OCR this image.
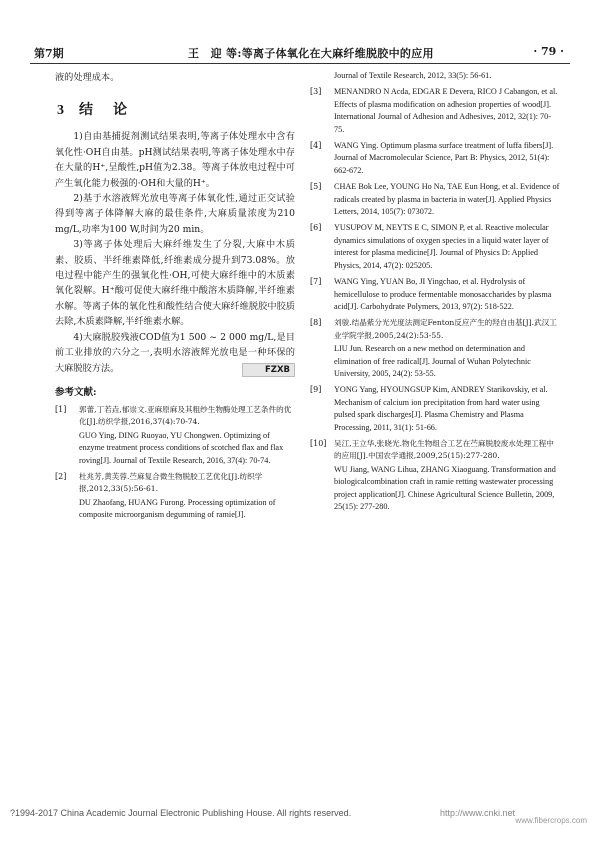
第7期	王　迎 等:等离子体氧化在大麻纤维脱胶中的应用	· 79 ·

液的处理成本。

3 结　论

1)自由基捕捉剂测试结果表明,等离子体处理水中含有氧化性·OH自由基。pH测试结果表明,等离子体处理水中存在大量的H⁺,呈酸性,pH值为2.38。等离子体放电过程中可产生氧化能力极强的·OH和大量的H⁺。

2)基于水溶液辉光放电等离子体氧化性,通过正交试验得到等离子体降解大麻的最佳条件,大麻质量浓度为210 mg/L,功率为100 W,时间为20 min。

3)等离子体处理后大麻纤维发生了分裂,大麻中木质素、胶质、半纤维素降低,纤维素成分提升到73.08%。放电过程中能产生的强氧化性·OH,可使大麻纤维中的木质素氧化裂解。H⁺酸可促使大麻纤维中酸溶木质降解,半纤维素水解。等离子体的氧化性和酸性结合使大麻纤维脱胶中胶质去除,木质素降解,半纤维素水解。

4)大麻脱胶残液COD值为1 500 ~ 2 000 mg/L,是目前工业排放的六分之一,表明水溶液辉光放电是一种环保的大麻脱胶方法。	FZXB

参考文献:
[1] 郭蕾,丁若垚,郁崇文.亚麻原麻及其粗纱生物酶处理工艺条件的优化[J].纺织学报,2016,37(4):70-74.
GUO Ying, DING Ruoyao, YU Chongwen. Optimizing of enzyme treatment process conditions of scotched flax and flax roving[J]. Journal of Textile Research, 2016, 37(4): 70-74.
[2] 杜兆芳,黄芙蓉.苎麻复合微生物脱胶工艺优化[J].纺织学报,2012,33(5):56-61.
DU Zhaofang, HUANG Furong. Processing optimization of composite microorganism degumming of ramie[J].
Journal of Textile Research, 2012, 33(5): 56-61.
[3] MENANDRO N Acda, EDGAR E Devera, RICO J Cabangon, et al. Effects of plasma modification on adhesion properties of wood[J]. International Journal of Adhesion and Adhesives, 2012, 32(1): 70-75.
[4] WANG Ying. Optimum plasma surface treatment of luffa fibers[J]. Journal of Macromolecular Science, Part B: Physics, 2012, 51(4): 662-672.
[5] CHAE Bok Lee, YOUNG Ho Na, TAE Eun Hong, et al. Evidence of radicals created by plasma in bacteria in water[J]. Applied Physics Letters, 2014, 105(7): 073072.
[6] YUSUPOV M, NEYTS E C, SIMON P, et al. Reactive molecular dynamics simulations of oxygen species in a liquid water layer of interest for plasma medicine[J]. Journal of Physics D: Applied Physics, 2014, 47(2): 025205.
[7] WANG Ying, YUAN Bo, JI Yingchao, et al. Hydrolysis of hemicellulose to produce fermentable monosaccharides by plasma acid[J]. Carbohydrate Polymers, 2013, 97(2): 518-522.
[8] 刘骏.结晶紫分光光度法测定Fenton反应产生的羟自由基[J].武汉工业学院学报,2005,24(2):53-55.
LIU Jun. Research on a new method on determination and elimination of free radical[J]. Journal of Wuhan Polytechnic University, 2005, 24(2): 53-55.
[9] YONG Yang, HYOUNGSUP Kim, ANDREY Starikovskiy, et al. Mechanism of calcium ion precipitation from hard water using pulsed spark discharges[J]. Plasma Chemistry and Plasma Processing, 2011, 31(1): 51-66.
[10] 吴江,王立华,张晓光.物化生物组合工艺在苎麻脱胶废水处理工程中的应用[J].中国农学通报,2009,25(15):277-280.
WU Jiang, WANG Lihua, ZHANG Xiaoguang. Transformation and biologicalcombination craft in ramie retting wastewater processing project application[J]. Chinese Agricultural Science Bulletin, 2009, 25(15): 277-280.
?1994-2017 China Academic Journal Electronic Publishing House. All rights reserved.	http://www.cnki.net
www.fibercrops.com
